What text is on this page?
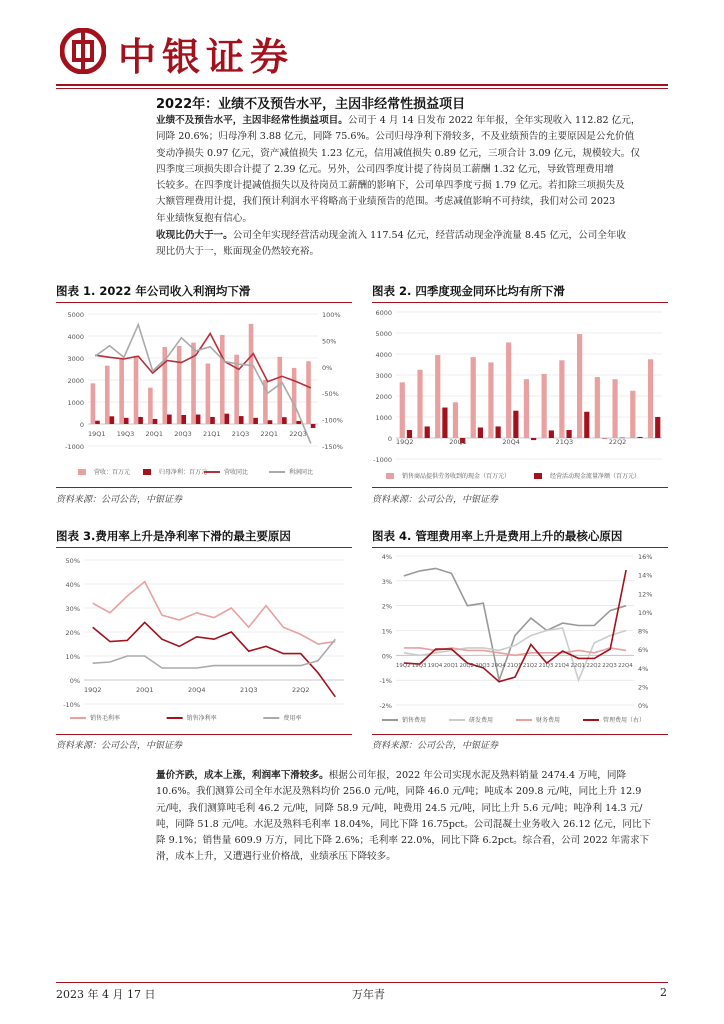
中银证券
2022年：业绩不及预告水平，主因非经常性损益项目
业绩不及预告水平，主因非经常性损益项目。公司于 4 月 14 日发布 2022 年年报，全年实现收入 112.82 亿元，
同降 20.6%；归母净利 3.88 亿元，同降 75.6%。公司归母净利下滑较多，不及业绩预告的主要原因是公允价值
变动净损失 0.97 亿元，资产减值损失 1.23 亿元，信用减值损失 0.89 亿元，三项合计 3.09 亿元，规模较大。仅
四季度三项损失即合计提了 2.39 亿元。另外，公司四季度计提了待岗员工薪酬 1.32 亿元，导致管理费用增
长较多。在四季度计提减值损失以及待岗员工薪酬的影响下，公司单四季度亏损 1.79 亿元。若扣除三项损失及
大额管理费用计提，我们预计利润水平将略高于业绩预告的范围。考虑减值影响不可持续，我们对公司 2023
年业绩恢复抱有信心。
收现比仍大于一。公司全年实现经营活动现金流入 117.54 亿元，经营活动现金净流量 8.45 亿元，公司全年收
现比仍大于一，账面现金仍然较充裕。
图表 1. 2022 年公司收入利润均下滑
5000
4000
3000
2000
1000
0
-1000
100%
50%
0%
-50%
-100%
-150%
19Q1 19Q3 20Q1 20Q3 21Q1 21Q3 22Q1 22Q3
营收：百万元	归母净利：百万元	营收同比	利润同比
资料来源：公司公告，中银证券
图表 2. 四季度现金同环比均有所下滑
6000
5000
4000
3000
2000
1000
0
-1000
19Q2	20Q1	20Q4	21Q3	22Q2
销售商品提供劳务收到的现金（百万元）	经营活动现金流量净额（百万元）
资料来源：公司公告，中银证券
图表 3.费用率上升是净利率下滑的最主要原因
50%
40%
30%
20%
10%
0%
-10%
19Q2	20Q1	20Q4	21Q3	22Q2
销售毛利率	销售净利率	费用率
资料来源：公司公告，中银证券
图表 4. 管理费用率上升是费用上升的最核心原因
4%
3%
2%
1%
0%
-1%
-2%
16%
14%
12%
10%
8%
6%
4%
2%
0%
19Q2 19Q3 19Q4 20Q1 20Q2 20Q3 20Q4 21Q1 21Q2 21Q3 21Q4 22Q1 22Q2 22Q3 22Q4
销售费用	研发费用	财务费用	管理费用（右）
资料来源：公司公告，中银证券
量价齐跌，成本上涨，利润率下滑较多。根据公司年报，2022 年公司实现水泥及熟料销量 2474.4 万吨，同降
10.6%。我们测算公司全年水泥及熟料均价 256.0 元/吨，同降 46.0 元/吨；吨成本 209.8 元/吨，同比上升 12.9
元/吨，我们测算吨毛利 46.2 元/吨，同降 58.9 元/吨，吨费用 24.5 元/吨，同比上升 5.6 元/吨；吨净利 14.3 元/
吨，同降 51.8 元/吨。水泥及熟料毛利率 18.04%，同比下降 16.75pct。公司混凝土业务收入 26.12 亿元，同比下
降 9.1%；销售量 609.9 万方，同比下降 2.6%；毛利率 22.0%，同比下降 6.2pct。综合看，公司 2022 年需求下
滑，成本上升，又遭遇行业价格战，业绩承压下降较多。
2023 年 4 月 17 日	万年青	2
